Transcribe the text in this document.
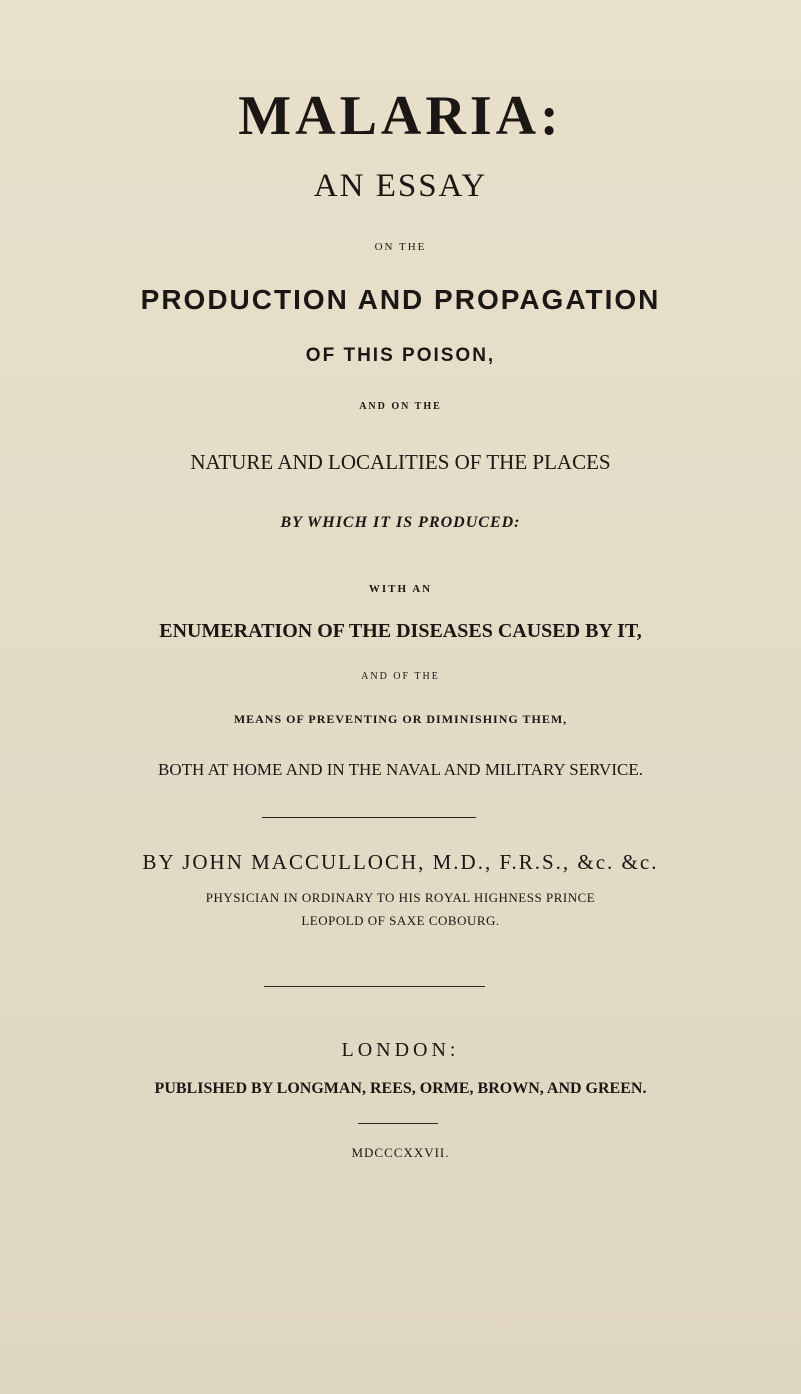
MALARIA:
AN ESSAY
ON THE
PRODUCTION AND PROPAGATION
OF THIS POISON,
AND ON THE
NATURE AND LOCALITIES OF THE PLACES
BY WHICH IT IS PRODUCED:
WITH AN
ENUMERATION OF THE DISEASES CAUSED BY IT,
AND OF THE
MEANS OF PREVENTING OR DIMINISHING THEM,
BOTH AT HOME AND IN THE NAVAL AND MILITARY SERVICE.
BY JOHN MACCULLOCH, M.D., F.R.S., &c. &c.
PHYSICIAN IN ORDINARY TO HIS ROYAL HIGHNESS PRINCE
LEOPOLD OF SAXE COBOURG.
LONDON:
PUBLISHED BY LONGMAN, REES, ORME, BROWN, AND GREEN.
MDCCCXXVII.
